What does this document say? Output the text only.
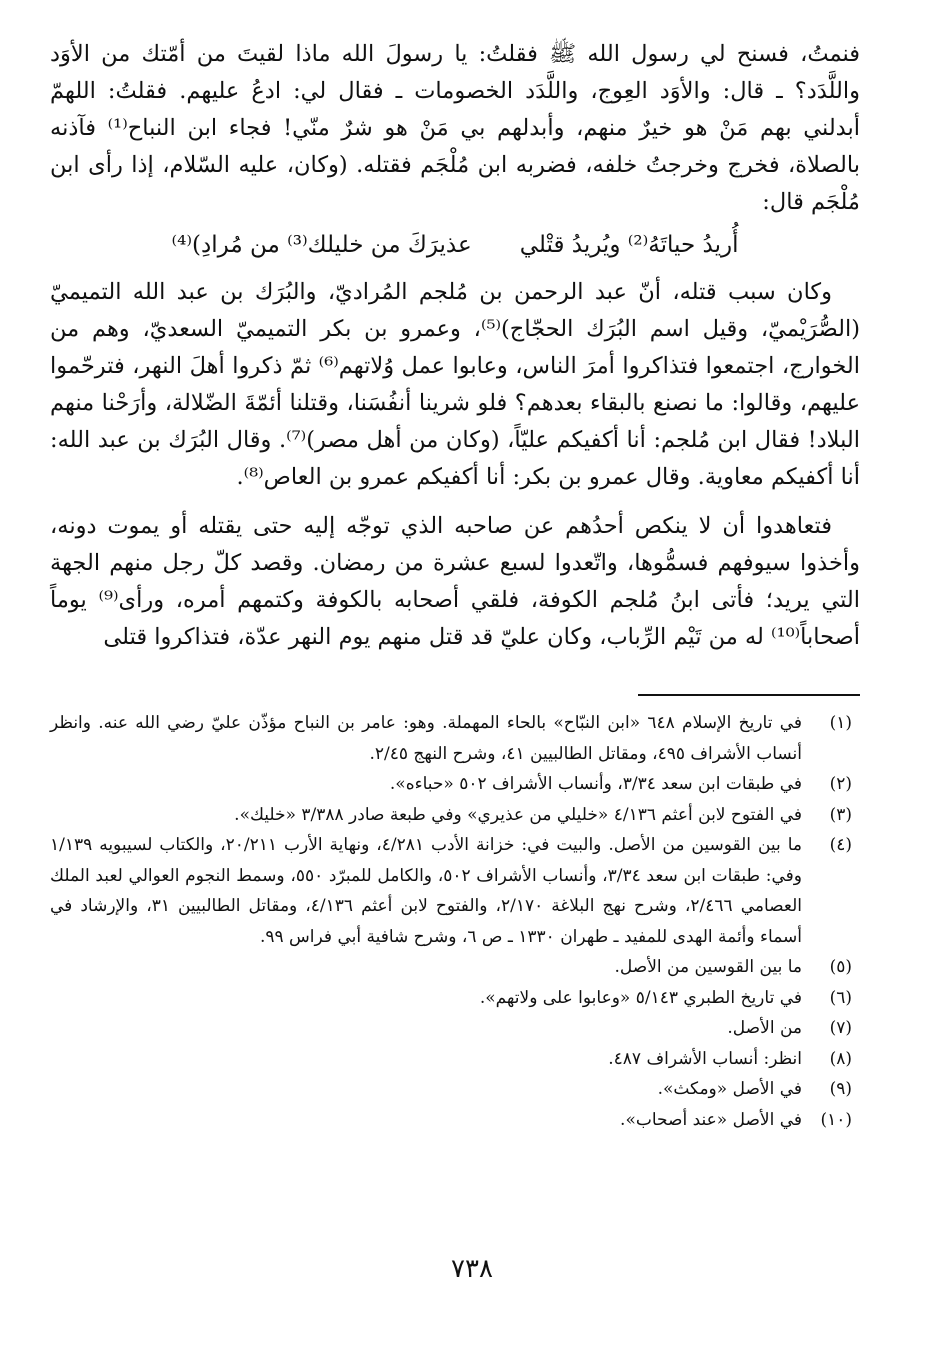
فنمتُ، فسنح لي رسول الله ﷺ فقلتُ: يا رسولَ الله ماذا لقيتَ من أمّتك من الأوَد واللَّدَد؟ ـ قال: والأوَد العِوج، واللَّدَد الخصومات ـ فقال لي: ادعُ عليهم. فقلتُ: اللهمّ أبدلني بهم مَنْ هو خيرٌ منهم، وأبدلهم بي مَنْ هو شرٌ منّي! فجاء ابن النباح⁽¹⁾ فآذنه بالصلاة، فخرج وخرجتُ خلفه، فضربه ابن مُلْجَم فقتله. (وكان، عليه السّلام، إذا رأى ابن مُلْجَم قال:

أُريدُ حياتَهُ⁽²⁾ ويُريدُ قتْلي
عذيرَكَ من خليلك⁽³⁾ من مُرادِ)⁽⁴⁾

وكان سبب قتله، أنّ عبد الرحمن بن مُلجم المُراديّ، والبُرَك بن عبد الله التميميّ (الصُّرَيْميّ، وقيل اسم البُرَك الحجّاج)⁽⁵⁾، وعمرو بن بكر التميميّ السعديّ، وهم من الخوارج، اجتمعوا فتذاكروا أمرَ الناس، وعابوا عمل وُلاتهم⁽⁶⁾ ثمّ ذكروا أهلَ النهر، فترحّموا عليهم، وقالوا: ما نصنع بالبقاء بعدهم؟ فلو شرينا أنفُسَنا، وقتلنا أئمّةَ الضّلالة، وأرَحْنا منهم البلاد! فقال ابن مُلجم: أنا أكفيكم عليّاً، (وكان من أهل مصر)⁽⁷⁾. وقال البُرَك بن عبد الله: أنا أكفيكم معاوية. وقال عمرو بن بكر: أنا أكفيكم عمرو بن العاص⁽⁸⁾.

فتعاهدوا أن لا ينكص أحدُهم عن صاحبه الذي توجّه إليه حتى يقتله أو يموت دونه، وأخذوا سيوفهم فسمُّوها، واتّعدوا لسبع عشرة من رمضان. وقصد كلّ رجل منهم الجهة التي يريد؛ فأتى ابنُ مُلجم الكوفة، فلقي أصحابه بالكوفة وكتمهم أمره، ورأى⁽⁹⁾ يوماً أصحاباً⁽¹⁰⁾ له من تَيْم الرِّباب، وكان عليّ قد قتل منهم يوم النهر عدّة، فتذاكروا قتلى

(١)
في تاريخ الإسلام ٦٤٨ «ابن النبّاح» بالحاء المهملة. وهو: عامر بن النباح مؤذّن عليّ رضي الله عنه. وانظر أنساب الأشراف ٤٩٥، ومقاتل الطالبيين ٤١، وشرح النهج ٢/٤٥.
(٢)
في طبقات ابن سعد ٣/٣٤، وأنساب الأشراف ٥٠٢ «حباءه».
(٣)
في الفتوح لابن أعثم ٤/١٣٦ «خليلي من عذيري» وفي طبعة صادر ٣/٣٨٨ «خليك».
(٤)
ما بين القوسين من الأصل. والبيت في: خزانة الأدب ٤/٢٨١، ونهاية الأرب ٢٠/٢١١، والكتاب لسيبويه ١/١٣٩ وفي: طبقات ابن سعد ٣/٣٤، وأنساب الأشراف ٥٠٢، والكامل للمبرّد ٥٥٠، وسمط النجوم العوالي لعبد الملك العصامي ٢/٤٦٦، وشرح نهج البلاغة ٢/١٧٠، والفتوح لابن أعثم ٤/١٣٦، ومقاتل الطالبيين ٣١، والإرشاد في أسماء وأئمة الهدى للمفيد ـ طهران ١٣٣٠ ـ ص ٦، وشرح شافية أبي فراس ٩٩.
(٥)
ما بين القوسين من الأصل.
(٦)
في تاريخ الطبري ٥/١٤٣ «وعابوا على ولاتهم».
(٧)
من الأصل.
(٨)
انظر: أنساب الأشراف ٤٨٧.
(٩)
في الأصل «ومكث».
(١٠)
في الأصل «عند أصحاب».
٧٣٨
